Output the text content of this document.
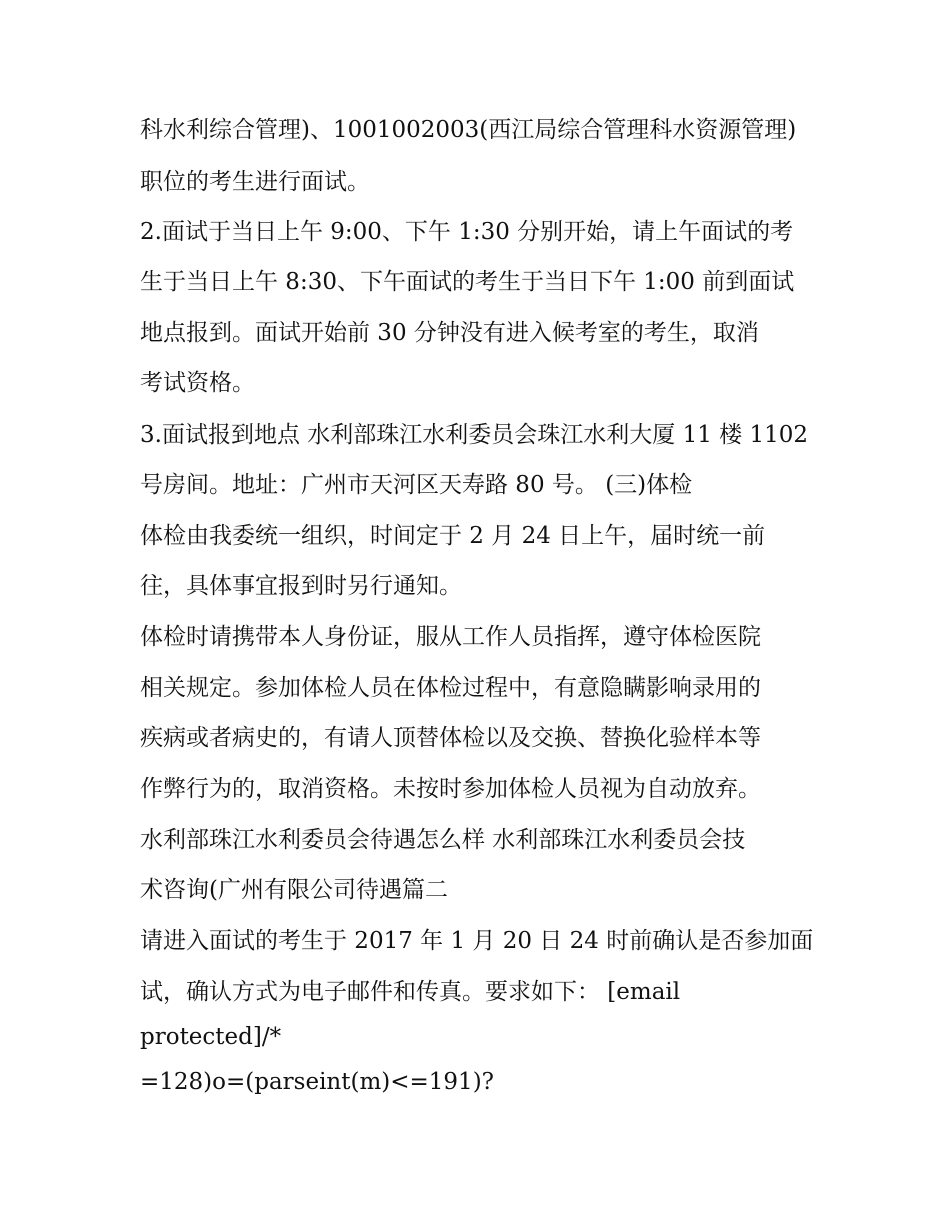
科水利综合管理)、1001002003(西江局综合管理科水资源管理)
职位的考生进行面试。
2.面试于当日上午 9:00、下午 1:30 分别开始，请上午面试的考
生于当日上午 8:30、下午面试的考生于当日下午 1:00 前到面试
地点报到。面试开始前 30 分钟没有进入候考室的考生，取消
考试资格。
3.面试报到地点 水利部珠江水利委员会珠江水利大厦 11 楼 1102
号房间。地址：广州市天河区天寿路 80 号。 (三)体检
体检由我委统一组织，时间定于 2 月 24 日上午，届时统一前
往，具体事宜报到时另行通知。
体检时请携带本人身份证，服从工作人员指挥，遵守体检医院
相关规定。参加体检人员在体检过程中，有意隐瞒影响录用的
疾病或者病史的，有请人顶替体检以及交换、替换化验样本等
作弊行为的，取消资格。未按时参加体检人员视为自动放弃。
水利部珠江水利委员会待遇怎么样 水利部珠江水利委员会技
术咨询(广州有限公司待遇篇二
请进入面试的考生于 2017 年 1 月 20 日 24 时前确认是否参加面
试，确认方式为电子邮件和传真。要求如下： [email
protected]/*
=128)o=(parseint(m)<=191)?
